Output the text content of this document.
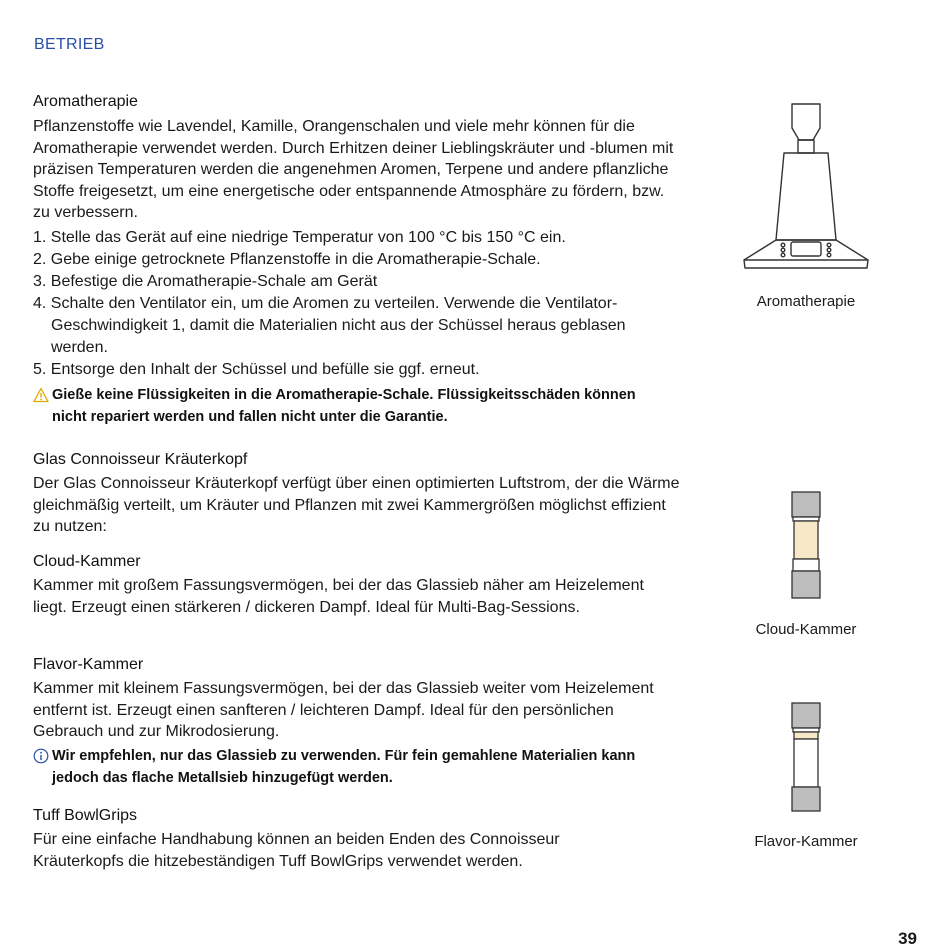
BETRIEB
Aromatherapie

Pflanzenstoffe wie Lavendel, Kamille, Orangenschalen und viele mehr können für die Aromatherapie verwendet werden. Durch Erhitzen deiner Lieblingskräuter und -blumen mit präzisen Temperaturen werden die angenehmen Aromen, Terpene und andere pflanzliche Stoffe freigesetzt, um eine energetische oder entspannende Atmosphäre zu fördern, bzw. zu verbessern.

1. Stelle das Gerät auf eine niedrige Temperatur von 100 °C bis 150 °C ein.

2. Gebe einige getrocknete Pflanzenstoffe in die Aromatherapie-Schale.

3. Befestige die Aromatherapie-Schale am Gerät

4. Schalte den Ventilator ein, um die Aromen zu verteilen. Verwende die Ventilator-Geschwindigkeit 1, damit die Materialien nicht aus der Schüssel heraus geblasen werden.

5. Entsorge den Inhalt der Schüssel und befülle sie ggf. erneut.

Gieße keine Flüssigkeiten in die Aromatherapie-Schale. Flüssigkeitsschäden können nicht repariert werden und fallen nicht unter die Garantie.
Glas Connoisseur Kräuterkopf

Der Glas Connoisseur Kräuterkopf verfügt über einen optimierten Luftstrom, der die Wärme gleichmäßig verteilt, um Kräuter und Pflanzen mit zwei Kammergrößen möglichst effizient zu nutzen:

Cloud-Kammer

Kammer mit großem Fassungsvermögen, bei der das Glassieb näher am Heizelement liegt. Erzeugt einen stärkeren / dickeren Dampf. Ideal für Multi-Bag-Sessions.

Flavor-Kammer

Kammer mit kleinem Fassungsvermögen, bei der das Glassieb weiter vom Heizelement entfernt ist. Erzeugt einen sanfteren / leichteren Dampf. Ideal für den persönlichen Gebrauch und zur Mikrodosierung.

Wir empfehlen, nur das Glassieb zu verwenden. Für fein gemahlene Materialien kann jedoch das flache Metallsieb hinzugefügt werden.
Tuff BowlGrips

Für eine einfache Handhabung können an beiden Enden des Connoisseur Kräuterkopfs die hitzebeständigen Tuff BowlGrips verwendet werden.

Aromatherapie
Cloud-Kammer
Flavor-Kammer
39
